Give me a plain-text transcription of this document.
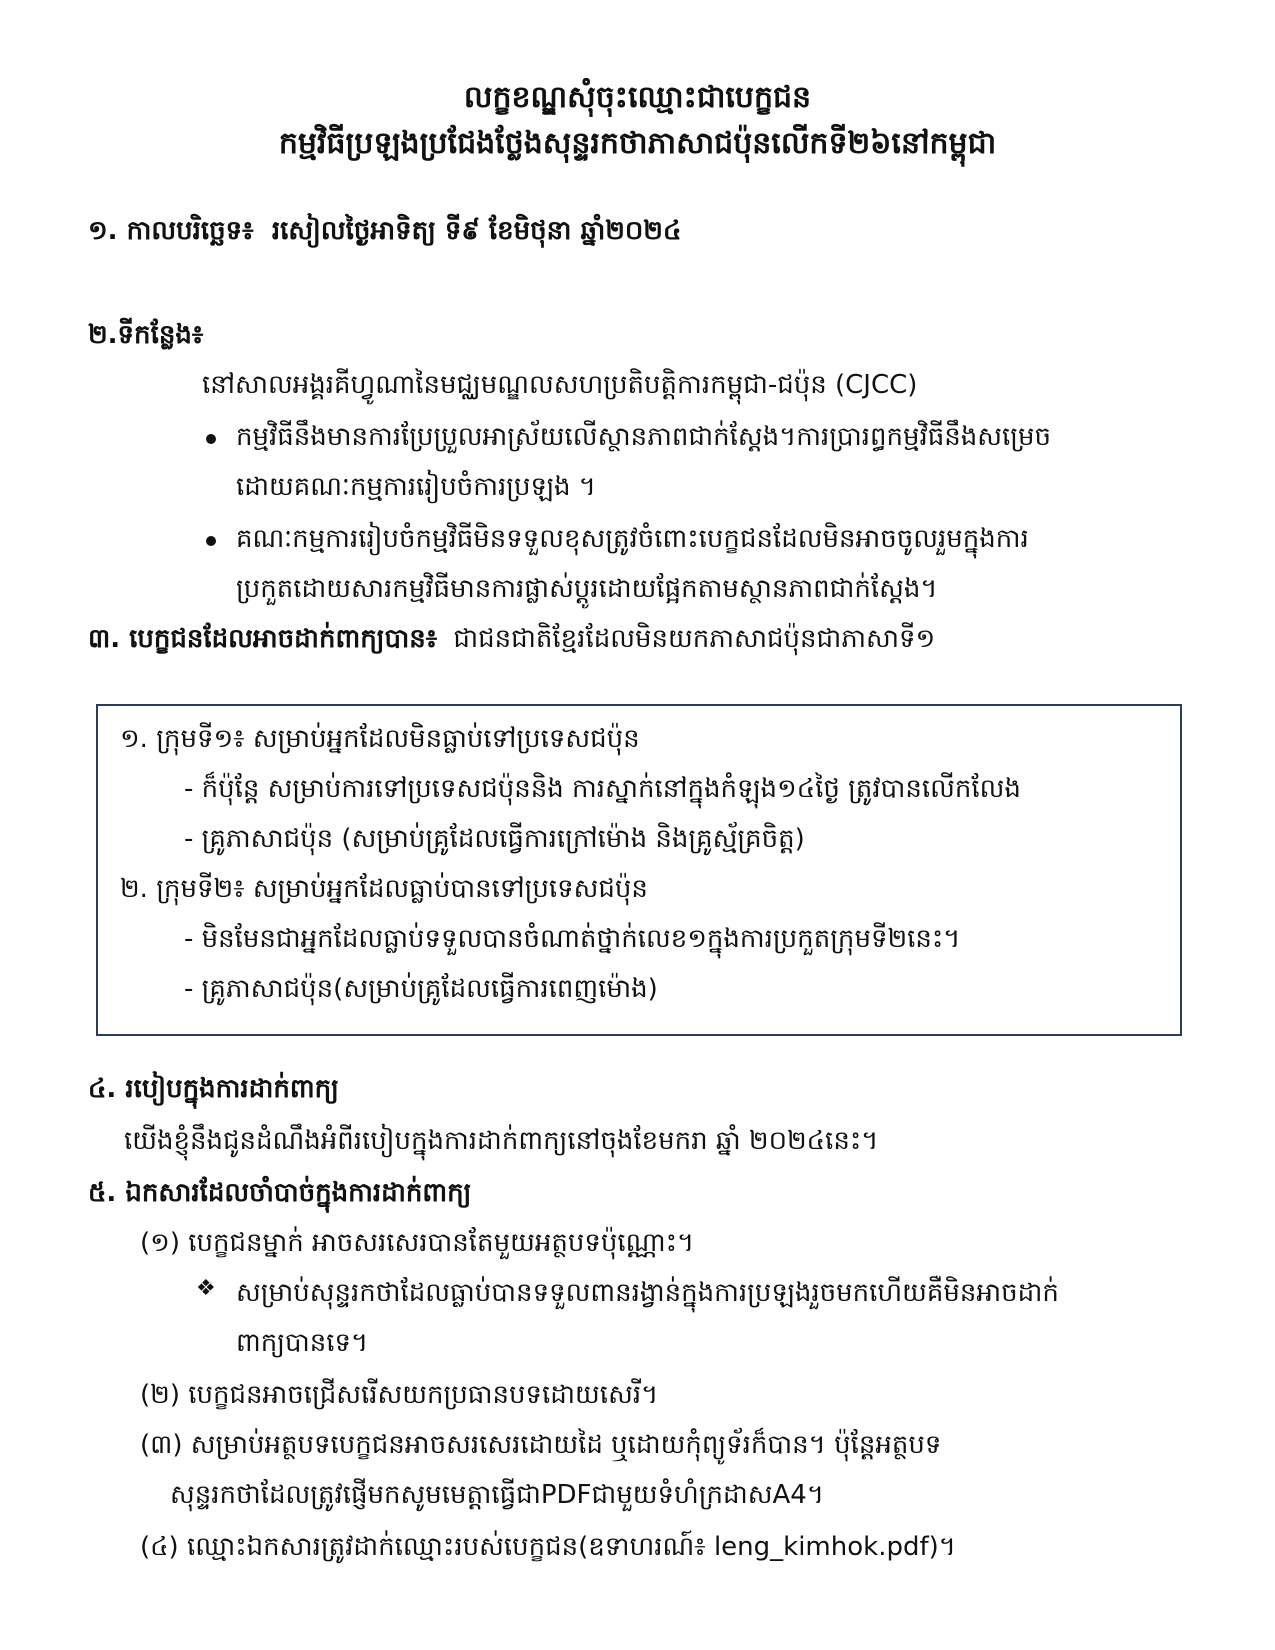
លក្ខខណ្ឌសុំចុះឈ្មោះជាបេក្ខជន
កម្មវិធីប្រឡងប្រជែងថ្លែងសុន្ទរកថាភាសាជប៉ុនលើកទី២៦នៅកម្ពុជា
១. កាលបរិច្ឆេទ៖ រសៀលថ្ងៃអាទិត្យ ទី៩ ខែមិថុនា ឆ្នាំ២០២៤
២.ទីកន្លែង៖
នៅសាលអង្គរគីហ្វូណានៃមជ្ឈមណ្ឌលសហប្រតិបត្តិការកម្ពុជា-ជប៉ុន (CJCC)
កម្មវិធីនឹងមានការប្រែប្រួលអាស្រ័យលើស្ថានភាពជាក់ស្តែង។ការប្រារព្ធកម្មវិធីនឹងសម្រេច
ដោយគណៈកម្មការរៀបចំការប្រឡង ។
គណៈកម្មការរៀបចំកម្មវិធីមិនទទួលខុសត្រូវចំពោះបេក្ខជនដែលមិនអាចចូលរួមក្នុងការ
ប្រកួតដោយសារកម្មវិធីមានការផ្លាស់ប្តូរដោយផ្អែកតាមស្ថានភាពជាក់ស្តែង។
៣. បេក្ខជនដែលអាចដាក់ពាក្យបាន៖ ជាជនជាតិខ្មែរដែលមិនយកភាសាជប៉ុនជាភាសាទី១
១. ក្រុមទី១៖ សម្រាប់អ្នកដែលមិនធ្លាប់ទៅប្រទេសជប៉ុន
- ក៏ប៉ុន្តែ សម្រាប់ការទៅប្រទេសជប៉ុននិង ការស្នាក់នៅក្នុងកំឡុង១៤ថ្ងៃ ត្រូវបានលើកលែង
- គ្រូភាសាជប៉ុន (សម្រាប់គ្រូដែលធ្វើការក្រៅម៉ោង និងគ្រូស្ម័គ្រចិត្ត)
២. ក្រុមទី២៖ សម្រាប់អ្នកដែលធ្លាប់បានទៅប្រទេសជប៉ុន
- មិនមែនជាអ្នកដែលធ្លាប់ទទួលបានចំណាត់ថ្នាក់លេខ១ក្នុងការប្រកួតក្រុមទី២នេះ។
- គ្រូភាសាជប៉ុន(សម្រាប់គ្រូដែលធ្វើការពេញម៉ោង)
៤. របៀបក្នុងការដាក់ពាក្យ
យើងខ្ញុំនឹងជូនដំណឹងអំពីរបៀបក្នុងការដាក់ពាក្យនៅចុងខែមករា ឆ្នាំ ២០២៤នេះ។
៥. ឯកសារដែលចាំបាច់ក្នុងការដាក់ពាក្យ
(១) បេក្ខជនម្នាក់ អាចសរសេរបានតែមួយអត្ថបទប៉ុណ្ណោះ។
❖ សម្រាប់សុន្ទរកថាដែលធ្លាប់បានទទួលពានរង្វាន់ក្នុងការប្រឡងរួចមកហើយគឺមិនអាចដាក់
ពាក្យបានទេ។
(២) បេក្ខជនអាចជ្រើសរើសយកប្រធានបទដោយសេរី។
(៣) សម្រាប់អត្ថបទបេក្ខជនអាចសរសេរដោយដៃ ឬដោយកុំព្យូទ័រក៏បាន។ ប៉ុន្តែអត្ថបទ
សុន្ទរកថាដែលត្រូវផ្ញើមកសូមមេត្តាធ្វើជាPDFជាមួយទំហំក្រដាសA4។
(៤) ឈ្មោះឯកសារត្រូវដាក់ឈ្មោះរបស់បេក្ខជន(ឧទាហរណ៍៖ leng_kimhok.pdf)។
